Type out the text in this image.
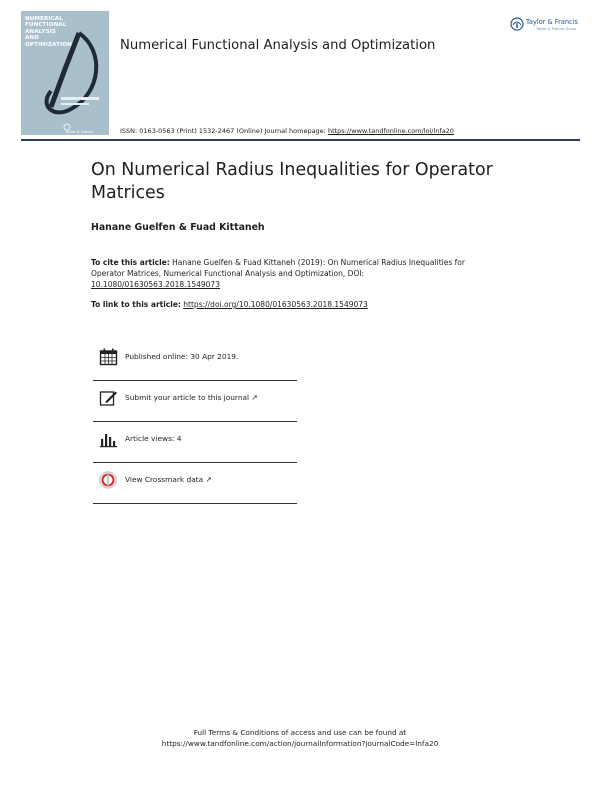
NUMERICAL
FUNCTIONAL
ANALYSIS
AND
OPTIMIZATION
Taylor & Francis
Numerical Functional Analysis and Optimization
Taylor & Francis
Taylor & Francis Group
ISSN: 0163-0563 (Print) 1532-2467 (Online) Journal homepage: https://www.tandfonline.com/loi/lnfa20
On Numerical Radius Inequalities for Operator Matrices
Hanane Guelfen & Fuad Kittaneh
To cite this article: Hanane Guelfen & Fuad Kittaneh (2019): On Numerical Radius Inequalities for Operator Matrices, Numerical Functional Analysis and Optimization, DOI: 10.1080/01630563.2018.1549073
To link to this article: https://doi.org/10.1080/01630563.2018.1549073
Published online: 30 Apr 2019.
Submit your article to this journal ↗
Article views: 4
View Crossmark data ↗
Full Terms & Conditions of access and use can be found at
https://www.tandfonline.com/action/journalInformation?journalCode=lnfa20
